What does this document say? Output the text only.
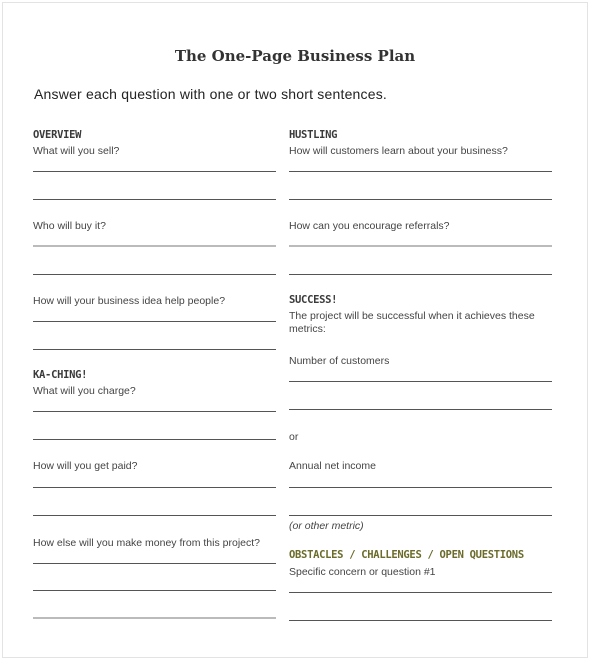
The One-Page Business Plan
Answer each question with one or two short sentences.
OVERVIEW
What will you sell?
Who will buy it?
How will your business idea help people?
KA-CHING!
What will you charge?
How will you get paid?
How else will you make money from this project?
HUSTLING
How will customers learn about your business?
How can you encourage referrals?
SUCCESS!
The project will be successful when it achieves these metrics:
Number of customers
or
Annual net income
(or other metric)
OBSTACLES / CHALLENGES / OPEN QUESTIONS
Specific concern or question #1
